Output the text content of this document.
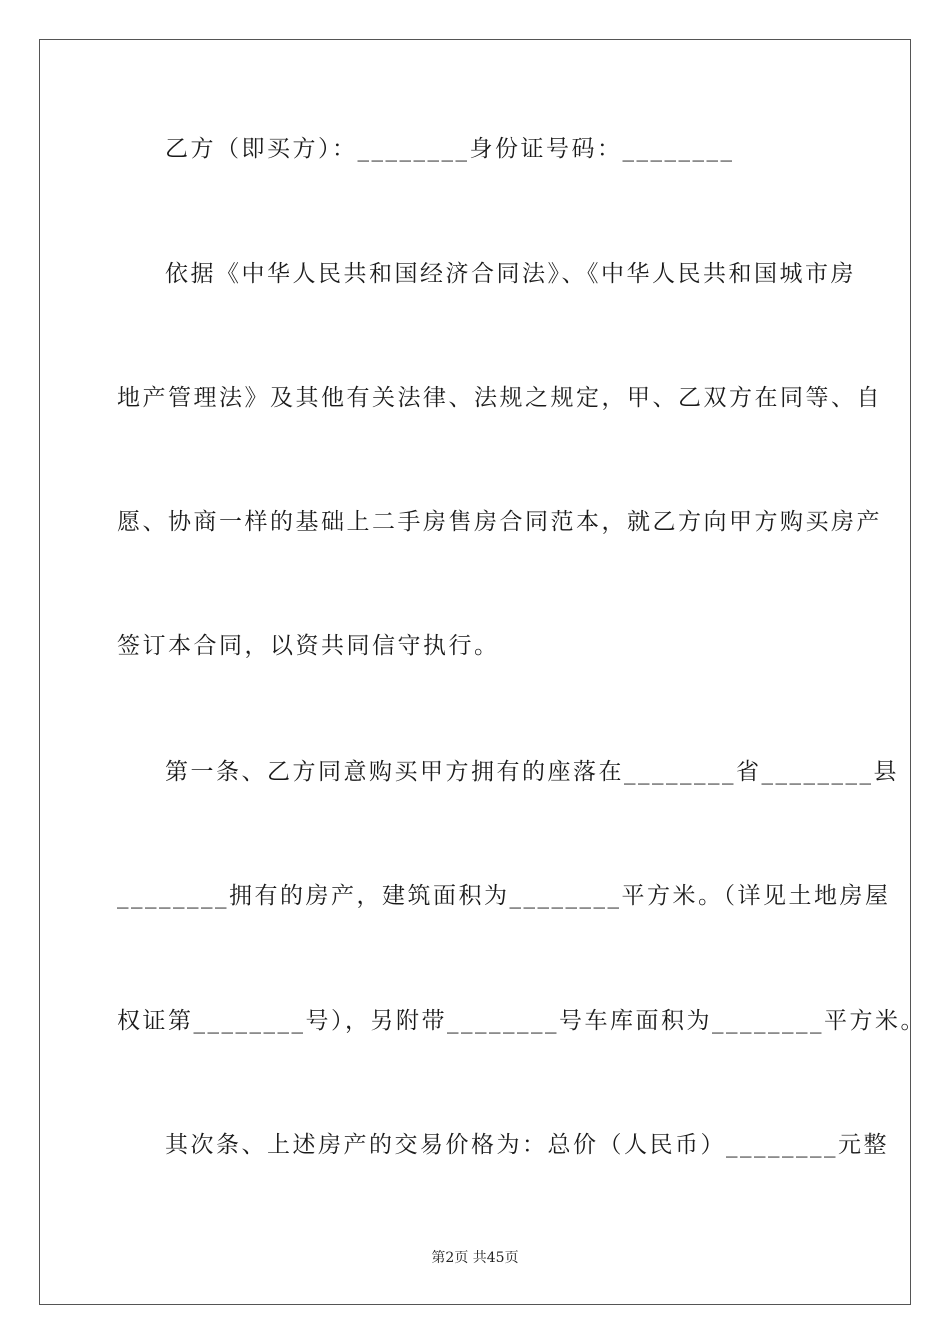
乙方（即买方）：________身份证号码：________
依据《中华人民共和国经济合同法》、《中华人民共和国城市房
地产管理法》及其他有关法律、法规之规定，甲、乙双方在同等、自
愿、协商一样的基础上二手房售房合同范本，就乙方向甲方购买房产
签订本合同，以资共同信守执行。
第一条、乙方同意购买甲方拥有的座落在________省________县
________拥有的房产，建筑面积为________平方米。（详见土地房屋
权证第________号），另附带________号车库面积为________平方米。
其次条、上述房产的交易价格为：总价（人民币）________元整
第2页 共45页
